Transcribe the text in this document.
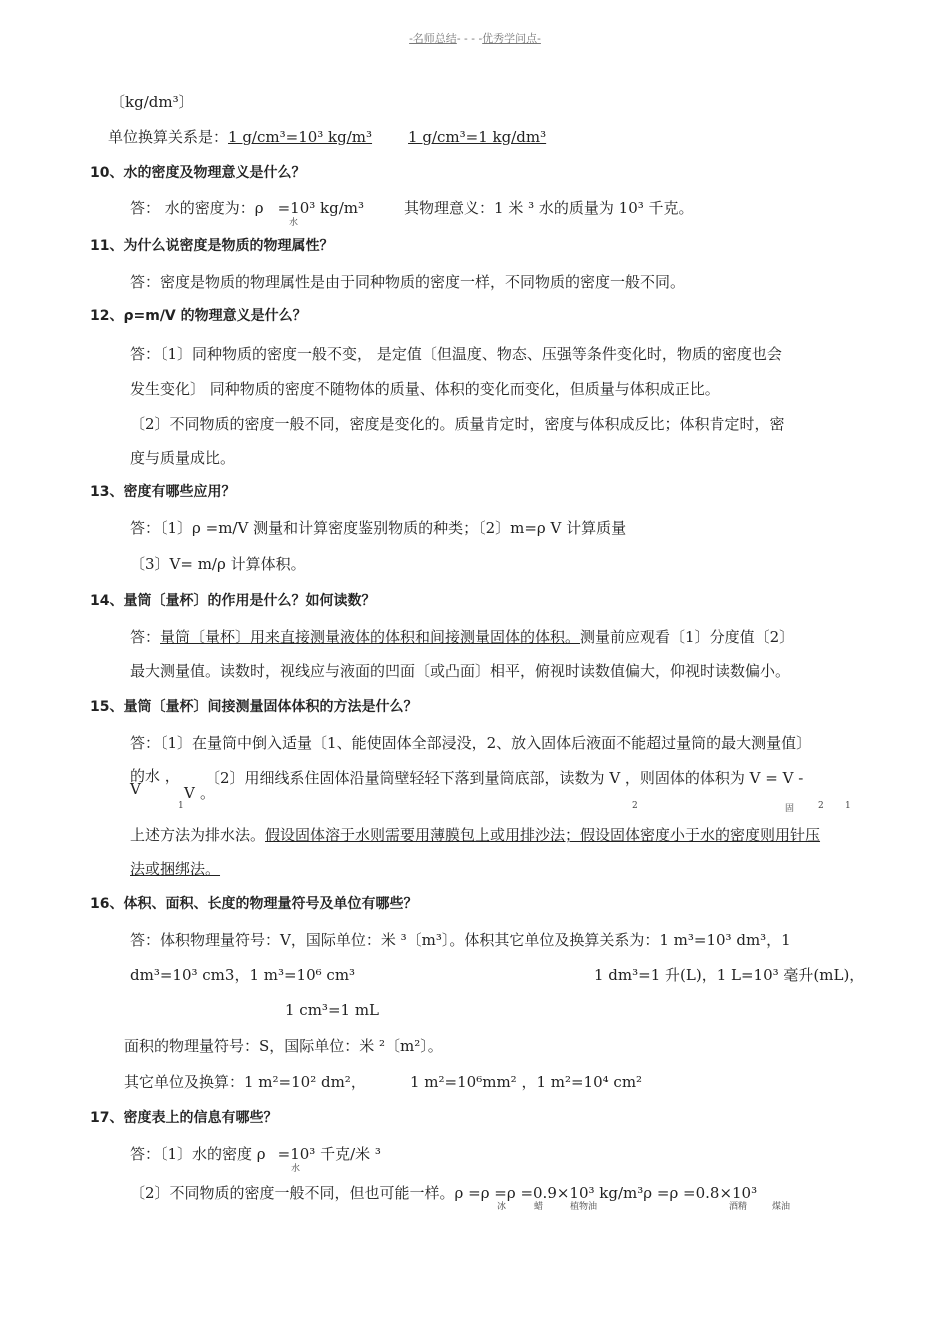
-名师总结- - - -优秀学问点-
〔kg/dm³〕
单位换算关系是：1 g/cm³=10³ kg/m³ 1 g/cm³=1 kg/dm³
10、水的密度及物理意义是什么？
答： 水的密度为：ρ =10³ kg/m³	其物理意义：1 米 ³ 水的质量为 10³ 千克。
水
11、为什么说密度是物质的物理属性？
答：密度是物质的物理属性是由于同种物质的密度一样，不同物质的密度一般不同。
12、ρ=m/V 的物理意义是什么？
答：〔1〕同种物质的密度一般不变， 是定值〔但温度、物态、压强等条件变化时，物质的密度也会
发生变化〕 同种物质的密度不随物体的质量、体积的变化而变化，但质量与体积成正比。
〔2〕不同物质的密度一般不同，密度是变化的。质量肯定时，密度与体积成反比；体积肯定时，密
度与质量成比。
13、密度有哪些应用？
答：〔1〕ρ =m/V 测量和计算密度鉴别物质的种类；〔2〕m=ρ V 计算质量
〔3〕V= m/ρ 计算体积。
14、量筒〔量杯〕的作用是什么？如何读数？
答：量筒〔量杯〕用来直接测量液体的体积和间接测量固体的体积。测量前应观看〔1〕分度值〔2〕
最大测量值。读数时，视线应与液面的凹面〔或凸面〕相平，俯视时读数值偏大，仰视时读数偏小。
15、量筒〔量杯〕间接测量固体体积的方法是什么？
答：〔1〕在量筒中倒入适量〔1、能使固体全部浸没，2、放入固体后液面不能超过量筒的最大测量值〕
的水 ， 〔2〕用细线系住固体沿量筒壁轻轻下落到量筒底部，读数为 V ，则固体的体积为 V = V -
V	V 。
1	2	固	2 1
上述方法为排水法。假设固体溶于水则需要用薄膜包上或用排沙法；假设固体密度小于水的密度则用针压
法或捆绑法。
16、体积、面积、长度的物理量符号及单位有哪些？
答：体积物理量符号：V，国际单位：米 ³〔m³〕。体积其它单位及换算关系为：1 m³=10³ dm³，1
dm³=10³ cm3，1 m³=10⁶ cm³	1 dm³=1 升(L)，1 L=10³ 毫升(mL)，
1 cm³=1 mL
面积的物理量符号：S，国际单位：米 ²〔m²〕。
其它单位及换算：1 m²=10² dm²，	1 m²=10⁶mm² ，1 m²=10⁴ cm²
17、密度表上的信息有哪些？
答：〔1〕水的密度 ρ =10³ 千克/米 ³
水
〔2〕不同物质的密度一般不同，但也可能一样。ρ =ρ =ρ =0.9×10³ kg/m³ρ =ρ =0.8×10³
冰	蜡	植物油	酒精	煤油
